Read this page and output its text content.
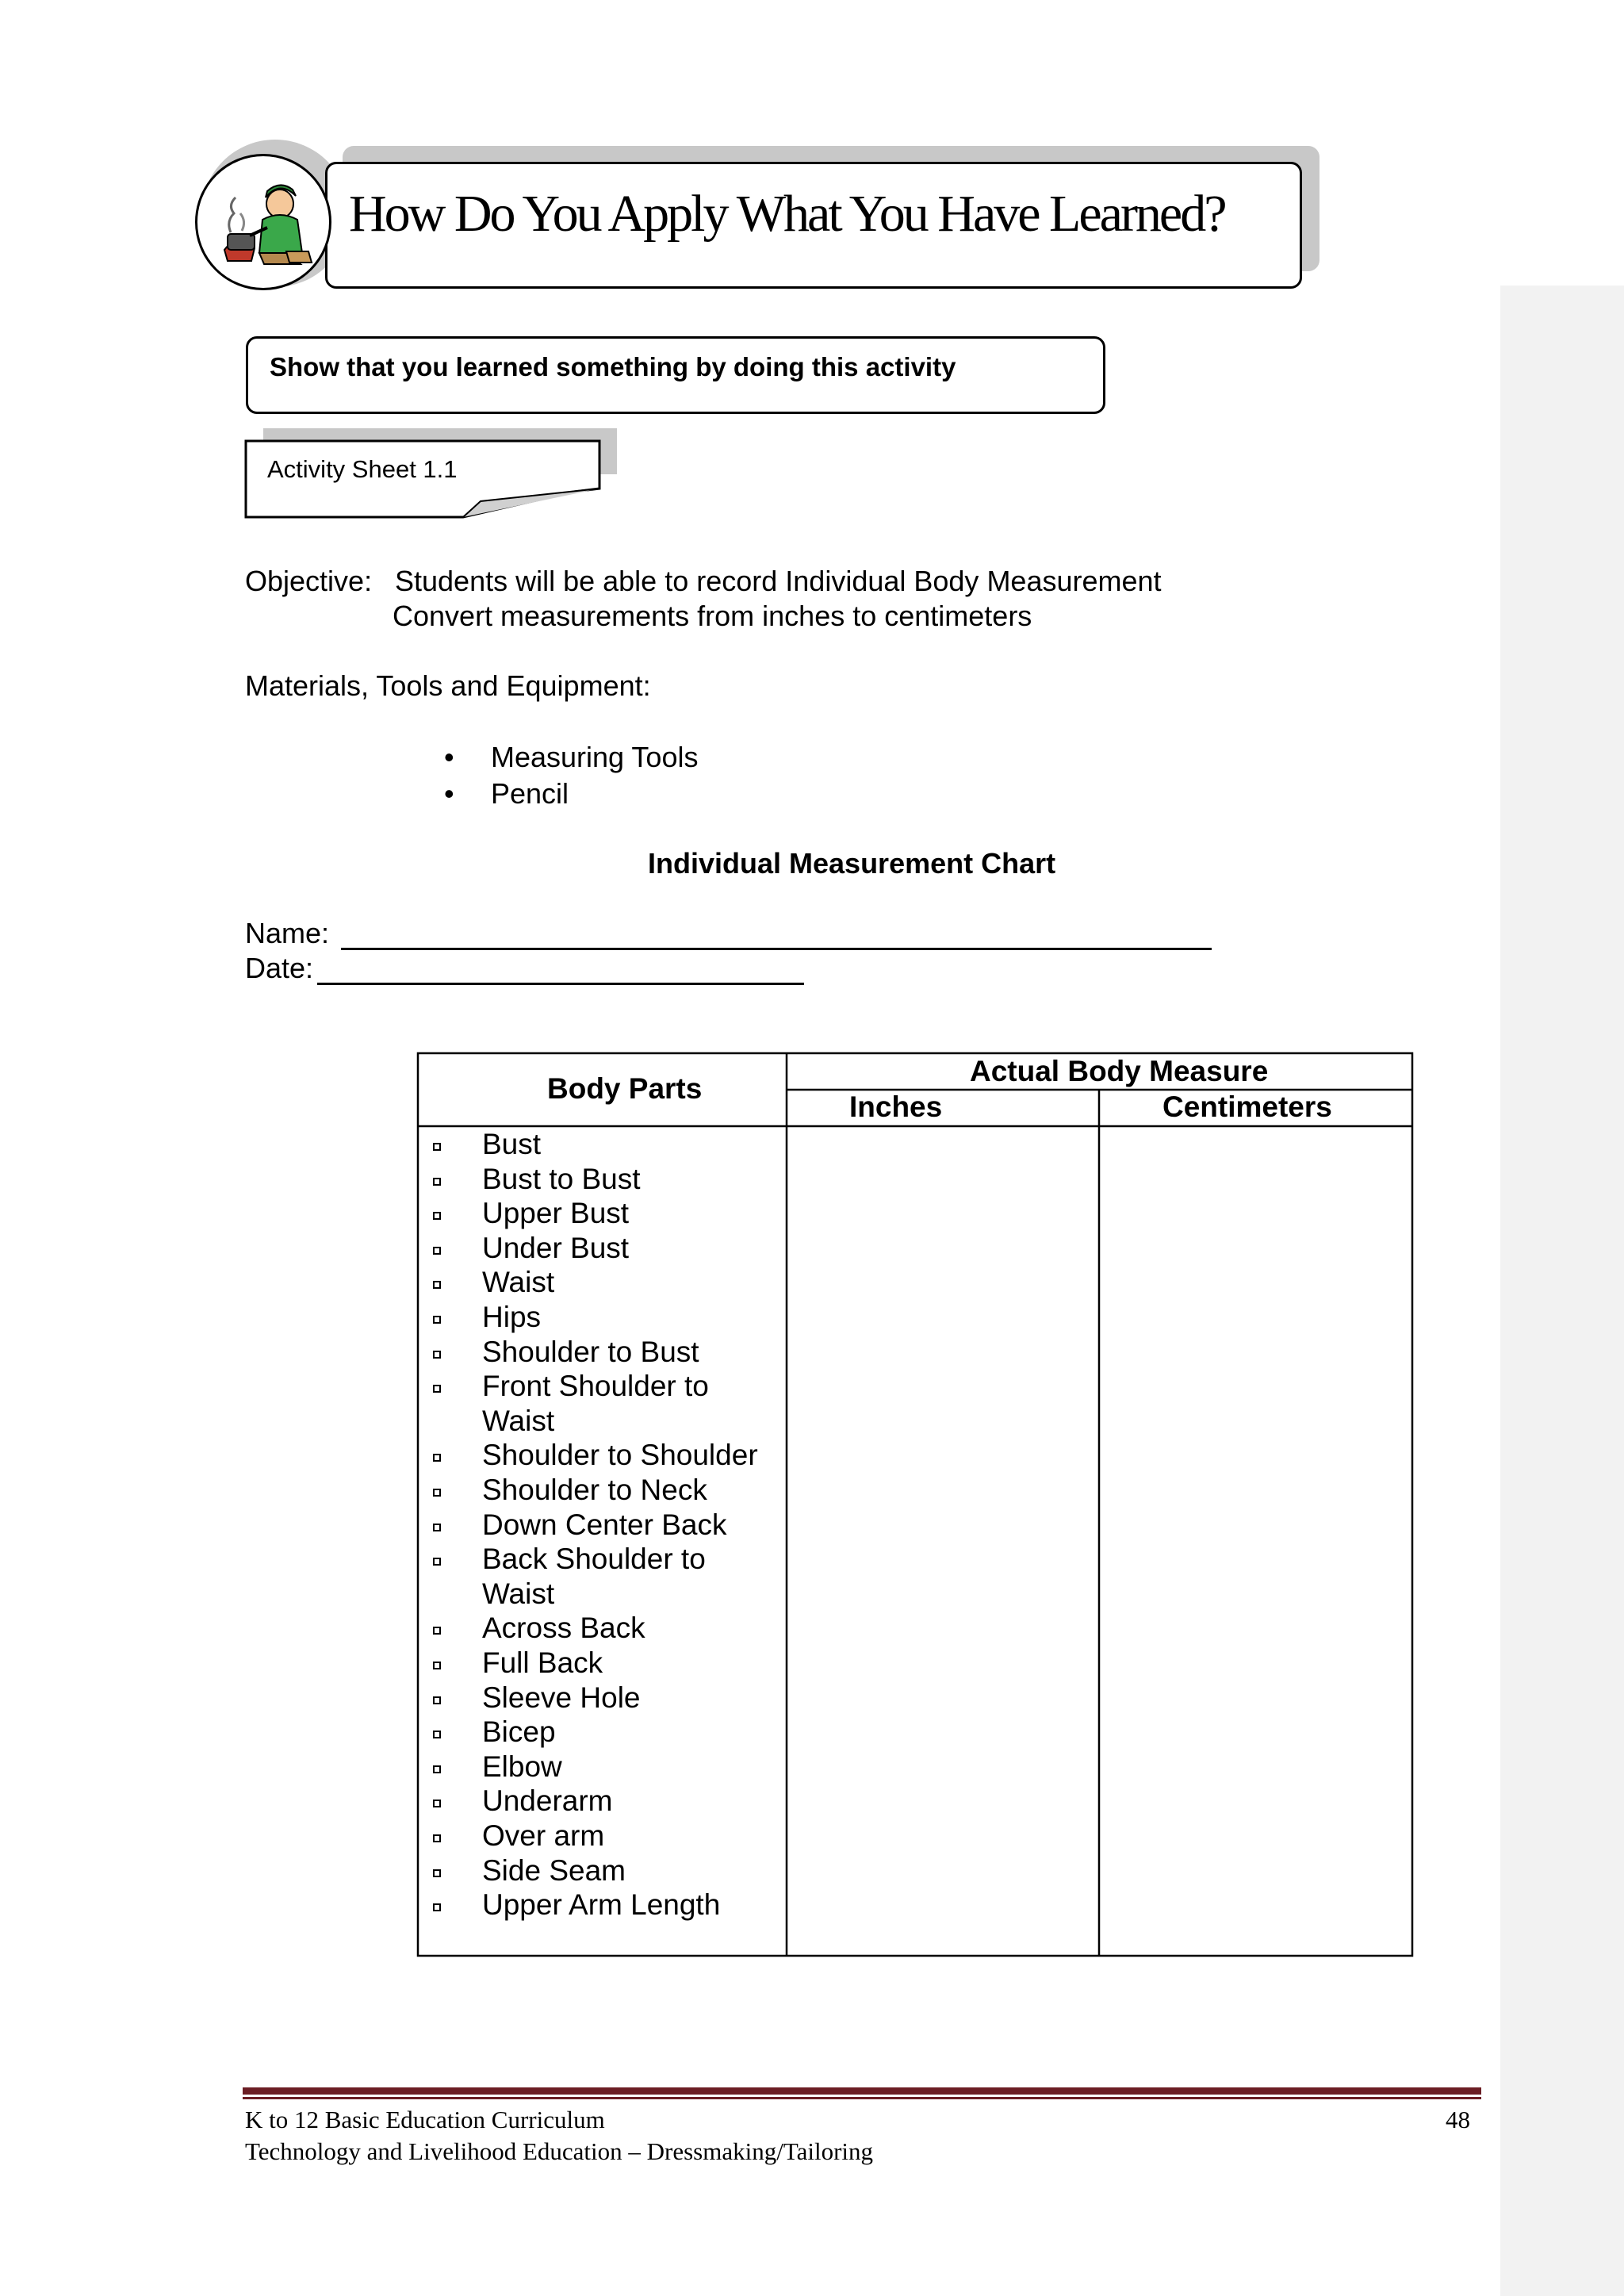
How Do You Apply What You Have Learned?
Show that you learned something by doing this activity
Activity Sheet 1.1
Objective: Students will be able to record Individual Body Measurement
Convert measurements from inches to centimeters
Materials, Tools and Equipment:
• Measuring Tools
• Pencil
Individual Measurement Chart
Name:
Date:
Body Parts
Actual Body Measure
Inches	Centimeters
Bust
Bust to Bust
Upper Bust
Under Bust
Waist
Hips
Shoulder to Bust
Front Shoulder to
Waist
Shoulder to Shoulder
Shoulder to Neck
Down Center Back
Back Shoulder to
Waist
Across Back
Full Back
Sleeve Hole
Bicep
Elbow
Underarm
Over arm
Side Seam
Upper Arm Length
K to 12 Basic Education Curriculum
Technology and Livelihood Education – Dressmaking/Tailoring
48
